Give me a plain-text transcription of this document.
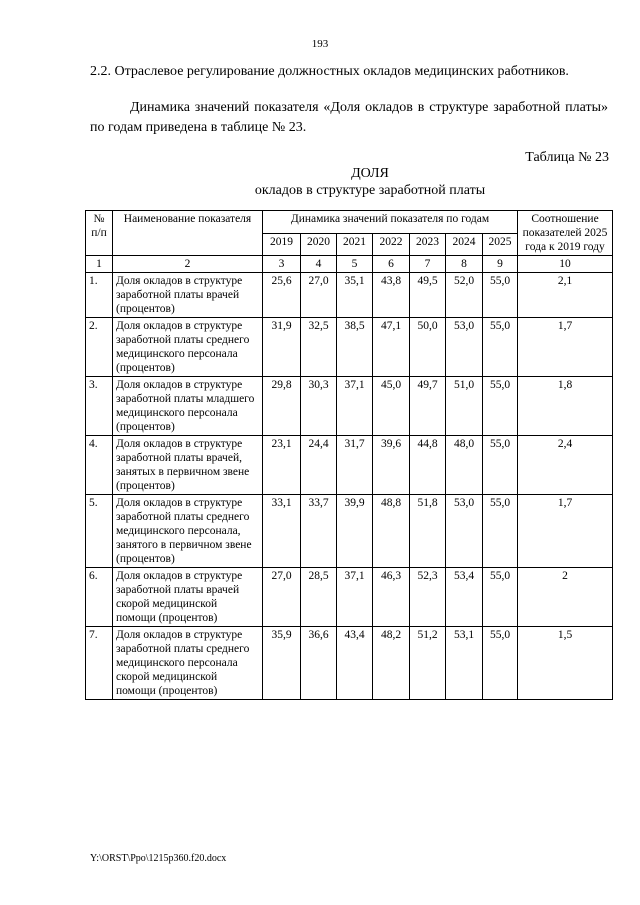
193
2.2. Отраслевое регулирование должностных окладов медицинских работников.
Динамика значений показателя «Доля окладов в структуре заработной платы» по годам приведена в таблице № 23.
Таблица № 23
ДОЛЯ
окладов в структуре заработной платы
№ п/п	Наименование показателя	Динамика значений показателя по годам							Соотношение показателей 2025 года к 2019 году
		2019	2020	2021	2022	2023	2024	2025	
1	2	3	4	5	6	7	8	9	10
1.	Доля окладов в структуре заработной платы врачей (процентов)	25,6	27,0	35,1	43,8	49,5	52,0	55,0	2,1
2.	Доля окладов в структуре заработной платы среднего медицинского персонала (процентов)	31,9	32,5	38,5	47,1	50,0	53,0	55,0	1,7
3.	Доля окладов в структуре заработной платы младшего медицинского персонала (процентов)	29,8	30,3	37,1	45,0	49,7	51,0	55,0	1,8
4.	Доля окладов в структуре заработной платы врачей, занятых в первичном звене (процентов)	23,1	24,4	31,7	39,6	44,8	48,0	55,0	2,4
5.	Доля окладов в структуре заработной платы среднего медицинского персонала, занятого в первичном звене (процентов)	33,1	33,7	39,9	48,8	51,8	53,0	55,0	1,7
6.	Доля окладов в структуре заработной платы врачей скорой медицинской помощи (процентов)	27,0	28,5	37,1	46,3	52,3	53,4	55,0	2
7.	Доля окладов в структуре заработной платы среднего медицинского персонала скорой медицинской помощи (процентов)	35,9	36,6	43,4	48,2	51,2	53,1	55,0	1,5
Y:\ORST\Ppo\1215p360.f20.docx
